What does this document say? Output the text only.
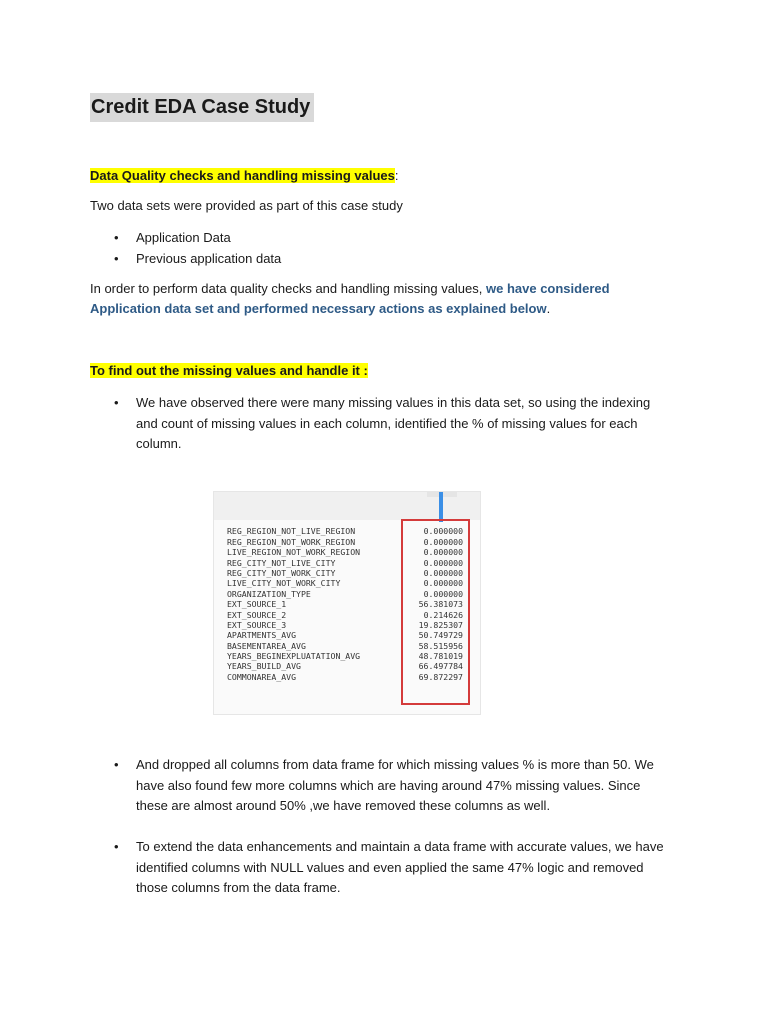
Credit EDA Case Study
Data Quality checks and handling missing values:
Two data sets were provided as part of this case study
• Application Data
• Previous application data
In order to perform data quality checks and handling missing values, we have considered Application data set and performed necessary actions as explained below.
To find out the missing values and handle it :
• We have observed there were many missing values in this data set, so using the indexing and count of missing values in each column, identified the % of missing values for each column.
REG_REGION_NOT_LIVE_REGION	0.000000
REG_REGION_NOT_WORK_REGION	0.000000
LIVE_REGION_NOT_WORK_REGION	0.000000
REG_CITY_NOT_LIVE_CITY	0.000000
REG_CITY_NOT_WORK_CITY	0.000000
LIVE_CITY_NOT_WORK_CITY	0.000000
ORGANIZATION_TYPE	0.000000
EXT_SOURCE_1	56.381073
EXT_SOURCE_2	0.214626
EXT_SOURCE_3	19.825307
APARTMENTS_AVG	50.749729
BASEMENTAREA_AVG	58.515956
YEARS_BEGINEXPLUATATION_AVG	48.781019
YEARS_BUILD_AVG	66.497784
COMMONAREA_AVG	69.872297
• And dropped all columns from data frame for which missing values % is more than 50. We have also found few more columns which are having around 47% missing values. Since these are almost around 50% ,we have removed these columns as well.
• To extend the data enhancements and maintain a data frame with accurate values, we have identified columns with NULL values and even applied the same 47% logic and removed those columns from the data frame.
